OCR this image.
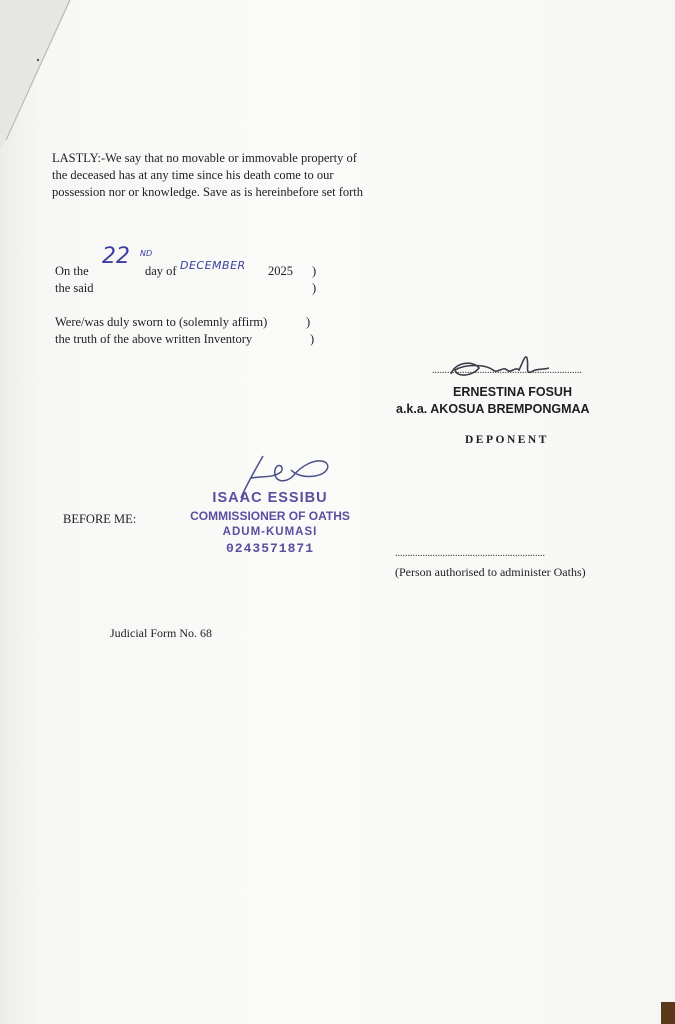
LASTLY:-We say that no movable or immovable property of
the deceased has at any time since his death come to our
possession nor or knowledge. Save as is hereinbefore set forth
On the
22 ND
day of DECEMBER 2025 )
the said	)
Were/was duly sworn to (solemnly affirm)	)
the truth of the above written Inventory	)
............................................................
ERNESTINA FOSUH
a.k.a. AKOSUA BREMPONGMAA
DEPONENT
BEFORE ME:
ISAAC ESSIBU
COMMISSIONER OF OATHS
ADUM-KUMASI
0243571871	............................................................
(Person authorised to administer Oaths)
Judicial Form No. 68
